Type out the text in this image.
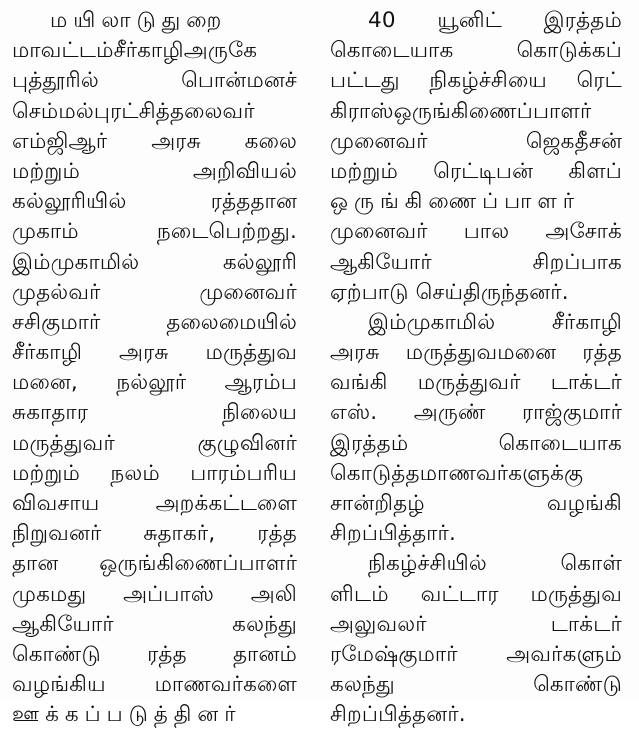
மயிலாடுதுறை
மாவட்டம்சீர்காழிஅருகே
புத்தூரில் பொன்மனச்
செம்மல்புரட்சித்தலைவர்
எம்ஜிஆர் அரசு கலை
மற்றும் அறிவியல்
கல்லூரியில் ரத்ததான
முகாம் நடைபெற்றது.
இம்முகாமில் கல்லூரி
முதல்வர் முனைவர்
சசிகுமார் தலைமையில்
சீர்காழி அரசு மருத்துவ
மனை, நல்லூர் ஆரம்ப
சுகாதார நிலைய
மருத்துவர் குழுவினர்
மற்றும் நலம் பாரம்பரிய
விவசாய அறக்கட்டளை
நிறுவனர் சுதாகர், ரத்த
தான ஒருங்கிணைப்பாளர்
முகமது அப்பாஸ் அலி
ஆகியோர் கலந்து
கொண்டு ரத்த தானம்
வழங்கிய மாணவர்களை
ஊக்கப்படுத்தினர்
40 யூனிட் இரத்தம்
கொடையாக கொடுக்கப்
பட்டது நிகழ்ச்சியை ரெட்
கிராஸ்ஒருங்கிணைப்பாளர்
முனைவர் ஜெகதீசன்
மற்றும் ரெட்டிபன் கிளப்
ஒருங்கிணைப்பாளர்
முனைவர் பால அசோக்
ஆகியோர் சிறப்பாக
ஏற்பாடு செய்திருந்தனர்.
இம்முகாமில் சீர்காழி
அரசு மருத்துவமனை ரத்த
வங்கி மருத்துவர் டாக்டர்
எஸ். அருண் ராஜ்குமார்
இரத்தம் கொடையாக
கொடுத்தமாணவர்களுக்கு
சான்றிதழ் வழங்கி
சிறப்பித்தார்.
நிகழ்ச்சியில் கொள்
ளிடம் வட்டார மருத்துவ
அலுவலர் டாக்டர்
ரமேஷ்குமார் அவர்களும்
கலந்து கொண்டு
சிறப்பித்தனர்.
